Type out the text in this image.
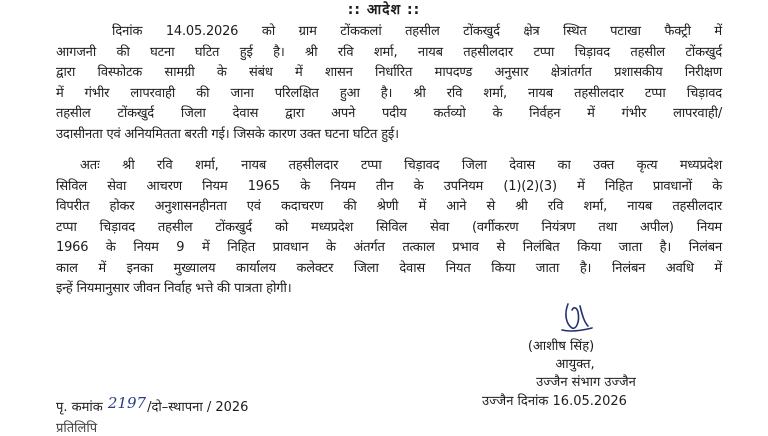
:: आदेश ::
दिनांक 14.05.2026 को ग्राम टोंककलां तहसील टोंकखुर्द क्षेत्र स्थित पटाखा फैक्ट्री में
आगजनी की घटना घटित हुई है। श्री रवि शर्मा, नायब तहसीलदार टप्पा चिड़ावद तहसील टोंकखुर्द
द्वारा विस्फोटक सामग्री के संबंध में शासन निर्धारित मापदण्ड अनुसार क्षेत्रांतर्गत प्रशासकीय निरीक्षण
में गंभीर लापरवाही की जाना परिलक्षित हुआ है। श्री रवि शर्मा, नायब तहसीलदार टप्पा चिड़ावद
तहसील टोंकखुर्द जिला देवास द्वारा अपने पदीय कर्तव्यो के निर्वहन में गंभीर लापरवाही/
उदासीनता एवं अनियमितता बरती गई। जिसके कारण उक्त घटना घटित हुई।
अतः श्री रवि शर्मा, नायब तहसीलदार टप्पा चिड़ावद जिला देवास का उक्त कृत्य मध्यप्रदेश
सिविल सेवा आचरण नियम 1965 के नियम तीन के उपनियम (1)(2)(3) में निहित प्रावधानों के
विपरीत होकर अनुशासनहीनता एवं कदाचरण की श्रेणी में आने से श्री रवि शर्मा, नायब तहसीलदार
टप्पा चिड़ावद तहसील टोंकखुर्द को मध्यप्रदेश सिविल सेवा (वर्गीकरण नियंत्रण तथा अपील) नियम
1966 के नियम 9 में निहित प्रावधान के अंतर्गत तत्काल प्रभाव से निलंबित किया जाता है। निलंबन
काल में इनका मुख्यालय कार्यालय कलेक्टर जिला देवास नियत किया जाता है। निलंबन अवधि में
इन्हें नियमानुसार जीवन निर्वाह भत्ते की पात्रता होगी।
(आशीष सिंह)
आयुक्त,
उज्जैन संभाग उज्जैन
उज्जैन दिनांक 16.05.2026
पृ. कमांक 2197/दो–स्थापना / 2026
प्रतिलिपि
